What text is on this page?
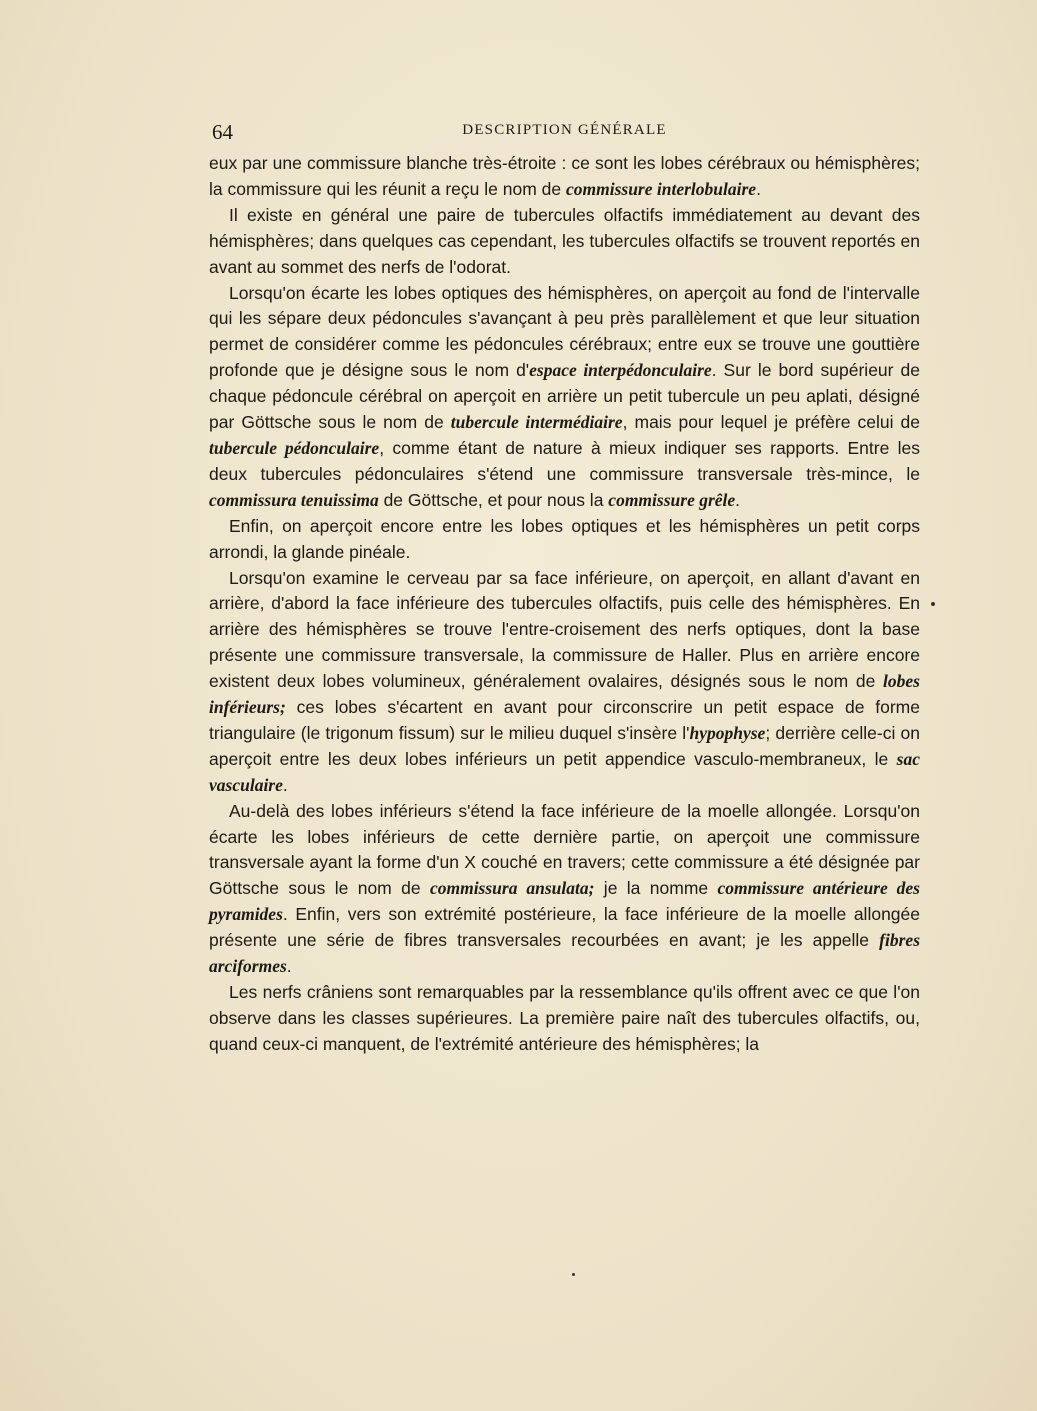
64	DESCRIPTION GÉNÉRALE

eux par une commissure blanche très-étroite : ce sont les lobes cérébraux ou hémisphères; la commissure qui les réunit a reçu le nom de commissure interlobulaire.

Il existe en général une paire de tubercules olfactifs immédiatement au devant des hémisphères; dans quelques cas cependant, les tubercules olfactifs se trouvent reportés en avant au sommet des nerfs de l'odorat.

Lorsqu'on écarte les lobes optiques des hémisphères, on aperçoit au fond de l'intervalle qui les sépare deux pédoncules s'avançant à peu près parallèlement et que leur situation permet de considérer comme les pédoncules cérébraux; entre eux se trouve une gouttière profonde que je désigne sous le nom d'espace interpédonculaire. Sur le bord supérieur de chaque pédoncule cérébral on aperçoit en arrière un petit tubercule un peu aplati, désigné par Göttsche sous le nom de tubercule intermédiaire, mais pour lequel je préfère celui de tubercule pédonculaire, comme étant de nature à mieux indiquer ses rapports. Entre les deux tubercules pédonculaires s'étend une commissure transversale très-mince, le commissura tenuissima de Göttsche, et pour nous la commissure grêle.

Enfin, on aperçoit encore entre les lobes optiques et les hémisphères un petit corps arrondi, la glande pinéale.

Lorsqu'on examine le cerveau par sa face inférieure, on aperçoit, en allant d'avant en arrière, d'abord la face inférieure des tubercules olfactifs, puis celle des hémisphères. En arrière des hémisphères se trouve l'entre-croisement des nerfs optiques, dont la base présente une commissure transversale, la commissure de Haller. Plus en arrière encore existent deux lobes volumineux, généralement ovalaires, désignés sous le nom de lobes inférieurs; ces lobes s'écartent en avant pour circonscrire un petit espace de forme triangulaire (le trigonum fissum) sur le milieu duquel s'insère l'hypophyse; derrière celle-ci on aperçoit entre les deux lobes inférieurs un petit appendice vasculo-membraneux, le sac vasculaire.

Au-delà des lobes inférieurs s'étend la face inférieure de la moelle allongée. Lorsqu'on écarte les lobes inférieurs de cette dernière partie, on aperçoit une commissure transversale ayant la forme d'un X couché en travers; cette commissure a été désignée par Göttsche sous le nom de commissura ansulata; je la nomme commissure antérieure des pyramides. Enfin, vers son extrémité postérieure, la face inférieure de la moelle allongée présente une série de fibres transversales recourbées en avant; je les appelle fibres arciformes.

Les nerfs crâniens sont remarquables par la ressemblance qu'ils offrent avec ce que l'on observe dans les classes supérieures. La première paire naît des tubercules olfactifs, ou, quand ceux-ci manquent, de l'extrémité antérieure des hémisphères; la
